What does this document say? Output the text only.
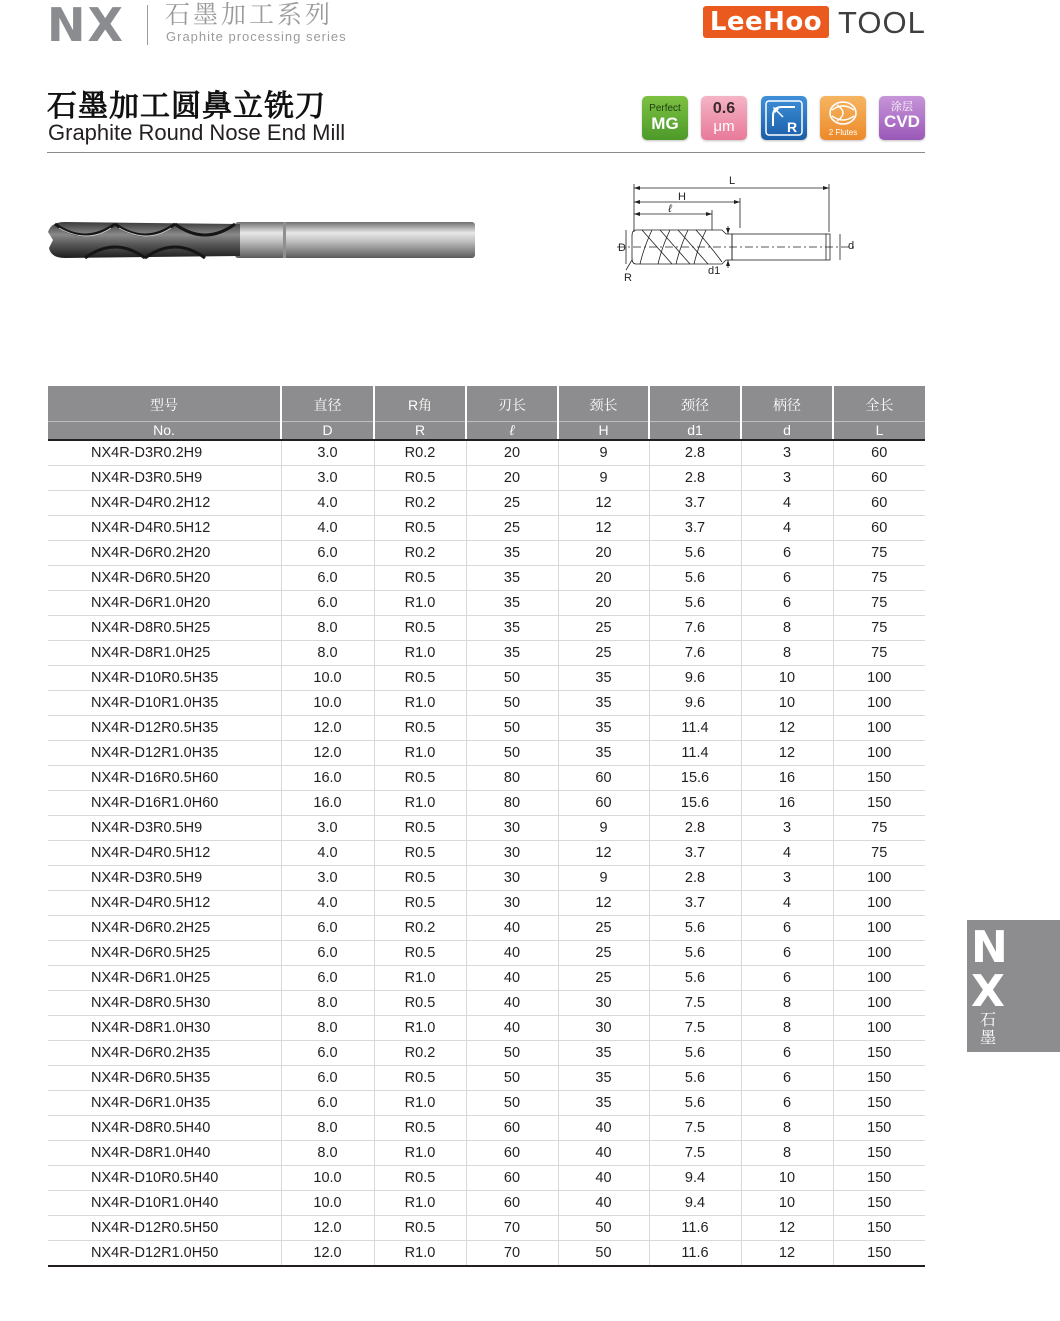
NX 石墨加工系列
Graphite processing series	LeeHoo TOOL
石墨加工圆鼻立铣刀
Graphite Round Nose End Mill
Perfect
MG
0.6
μm	R	2 Flutes
涂层
CVD
L
H
ℓ
D
R
d1
d
型号	直径	R角	刃长	颈长	颈径	柄径	全长
No.	D	R	ℓ	H	d1	d	L
NX4R-D3R0.2H9	3.0	R0.2	20	9	2.8	3	60
NX4R-D3R0.5H9	3.0	R0.5	20	9	2.8	3	60
NX4R-D4R0.2H12	4.0	R0.2	25	12	3.7	4	60
NX4R-D4R0.5H12	4.0	R0.5	25	12	3.7	4	60
NX4R-D6R0.2H20	6.0	R0.2	35	20	5.6	6	75
NX4R-D6R0.5H20	6.0	R0.5	35	20	5.6	6	75
NX4R-D6R1.0H20	6.0	R1.0	35	20	5.6	6	75
NX4R-D8R0.5H25	8.0	R0.5	35	25	7.6	8	75
NX4R-D8R1.0H25	8.0	R1.0	35	25	7.6	8	75
NX4R-D10R0.5H35	10.0	R0.5	50	35	9.6	10	100
NX4R-D10R1.0H35	10.0	R1.0	50	35	9.6	10	100
NX4R-D12R0.5H35	12.0	R0.5	50	35	11.4	12	100
NX4R-D12R1.0H35	12.0	R1.0	50	35	11.4	12	100
NX4R-D16R0.5H60	16.0	R0.5	80	60	15.6	16	150
NX4R-D16R1.0H60	16.0	R1.0	80	60	15.6	16	150
NX4R-D3R0.5H9	3.0	R0.5	30	9	2.8	3	75
NX4R-D4R0.5H12	4.0	R0.5	30	12	3.7	4	75
NX4R-D3R0.5H9	3.0	R0.5	30	9	2.8	3	100
NX4R-D4R0.5H12	4.0	R0.5	30	12	3.7	4	100
NX4R-D6R0.2H25	6.0	R0.2	40	25	5.6	6	100
NX4R-D6R0.5H25	6.0	R0.5	40	25	5.6	6	100
NX4R-D6R1.0H25	6.0	R1.0	40	25	5.6	6	100
NX4R-D8R0.5H30	8.0	R0.5	40	30	7.5	8	100
NX4R-D8R1.0H30	8.0	R1.0	40	30	7.5	8	100
NX4R-D6R0.2H35	6.0	R0.2	50	35	5.6	6	150
NX4R-D6R0.5H35	6.0	R0.5	50	35	5.6	6	150
NX4R-D6R1.0H35	6.0	R1.0	50	35	5.6	6	150
NX4R-D8R0.5H40	8.0	R0.5	60	40	7.5	8	150
NX4R-D8R1.0H40	8.0	R1.0	60	40	7.5	8	150
NX4R-D10R0.5H40	10.0	R0.5	60	40	9.4	10	150
NX4R-D10R1.0H40	10.0	R1.0	60	40	9.4	10	150
NX4R-D12R0.5H50	12.0	R0.5	70	50	11.6	12	150
NX4R-D12R1.0H50	12.0	R1.0	70	50	11.6	12	150
N
X
石
墨
